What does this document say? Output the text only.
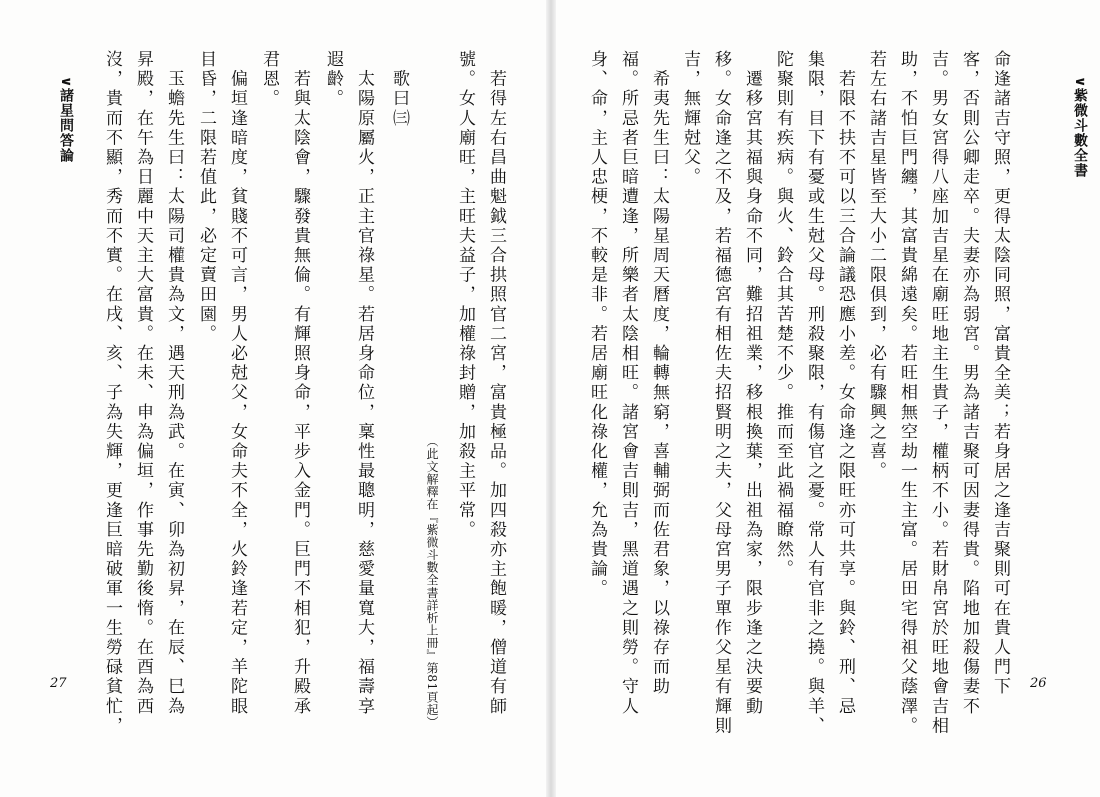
∨紫微斗數全書
∨諸星問答論
26
27	命逢諸吉守照，更得太陰同照，富貴全美；若身居之逢吉聚則可在貴人門下
客，否則公卿走卒。夫妻亦為弱宮。男為諸吉聚可因妻得貴。陷地加殺傷妻不
吉。男女宮得八座加吉星在廟旺地主生貴子，權柄不小。若財帛宮於旺地會吉相
助，不怕巨門纏，其富貴綿遠矣。若旺相無空劫一生主富。居田宅得祖父蔭澤。
若左右諸吉星皆至大小二限俱到，必有驟興之喜。
　若限不扶不可以三合論議恐應小差。女命逢之限旺亦可共享。與鈴、刑、忌
集限，目下有憂或生尅父母。刑殺聚限，有傷官之憂。常人有官非之撓。與羊、
陀聚則有疾病。與火、鈴合其苦楚不少。推而至此禍福瞭然。
　遷移宮其福與身命不同，難招祖業，移根換葉，出祖為家，限步逢之決要動
移。女命逢之不及，若福德宮有相佐夫招賢明之夫，父母宮男子單作父星有輝則
吉，無輝尅父。
　希夷先生曰：太陽星周天曆度，輪轉無窮，喜輔弼而佐君象，以祿存而助
福。所忌者巨暗遭逢，所樂者太陰相旺。諸宮會吉則吉，黑道遇之則勞。守人
身、命，主人忠梗，不較是非。若居廟旺化祿化權，允為貴論。
　若得左右昌曲魁鉞三合拱照官二宮，富貴極品。加四殺亦主飽暖，僧道有師
號。女人廟旺，主旺夫益子，加權祿封贈，加殺主平常。
（此文解釋在『紫微斗數全書詳析上冊』第81頁起）
　歌曰㈢
　太陽原屬火，正主官祿星。若居身命位，稟性最聰明，慈愛量寬大，福壽享
遐齡。
　若與太陰會，驟發貴無倫。有輝照身命，平步入金門。巨門不相犯，升殿承
君恩。
　偏垣逢暗度，貧賤不可言，男人必尅父，女命夫不全，火鈴逢若定，羊陀眼
目昏，二限若值此，必定賣田園。
　玉蟾先生曰：太陽司權貴為文，遇天刑為武。在寅、卯為初昇，在辰、巳為
昇殿，在午為日麗中天主大富貴。在未、申為偏垣，作事先勤後惰。在酉為西
沒，貴而不顯，秀而不實。在戌、亥、子為失輝，更逢巨暗破軍一生勞碌貧忙，
